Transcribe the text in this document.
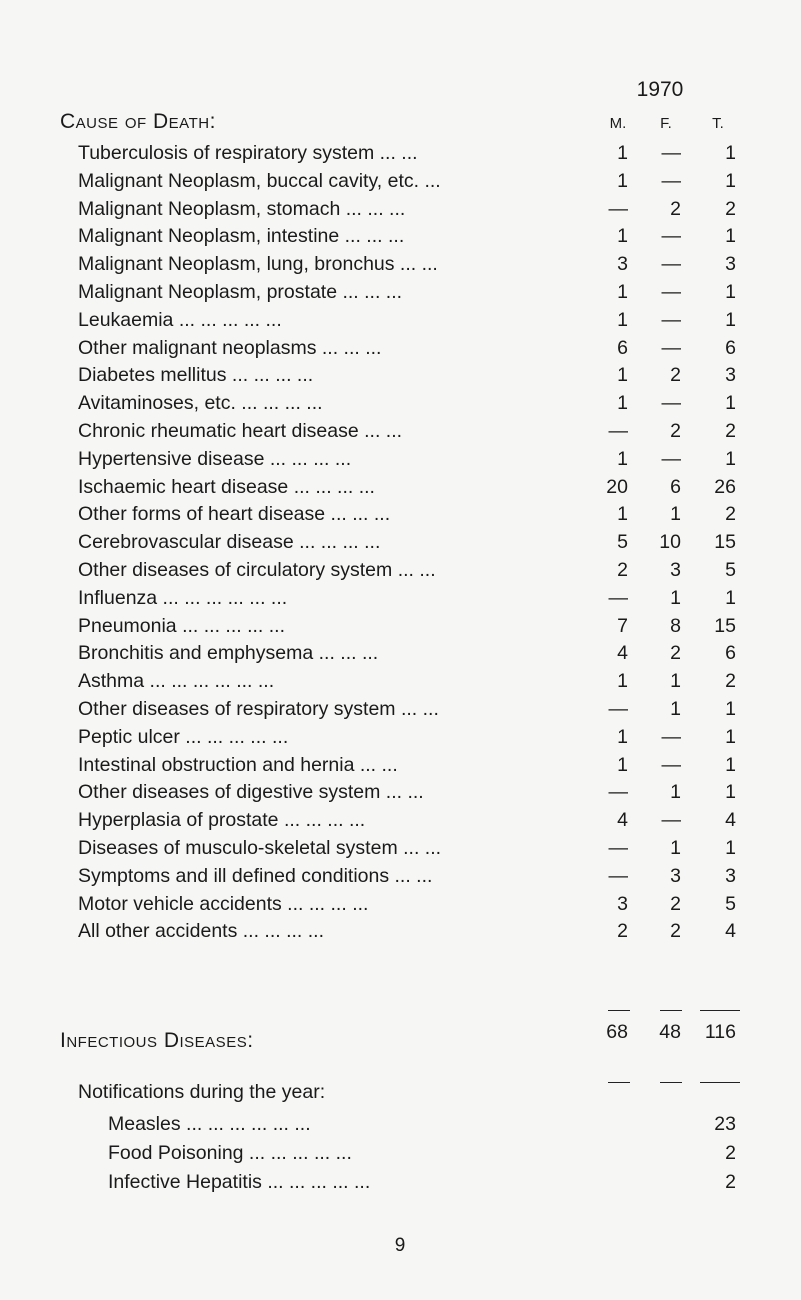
1970
Cause of Death:	M.	F.	T.
Tuberculosis of respiratory system ... ...	1	—	1
Malignant Neoplasm, buccal cavity, etc. ...	1	—	1
Malignant Neoplasm, stomach ... ... ...	—	2	2
Malignant Neoplasm, intestine ... ... ...	1	—	1
Malignant Neoplasm, lung, bronchus ... ...	3	—	3
Malignant Neoplasm, prostate ... ... ...	1	—	1
Leukaemia ... ... ... ... ...	1	—	1
Other malignant neoplasms ... ... ...	6	—	6
Diabetes mellitus ... ... ... ...	1	2	3
Avitaminoses, etc. ... ... ... ...	1	—	1
Chronic rheumatic heart disease ... ...	—	2	2
Hypertensive disease ... ... ... ...	1	—	1
Ischaemic heart disease ... ... ... ...	20	6	26
Other forms of heart disease ... ... ...	1	1	2
Cerebrovascular disease ... ... ... ...	5	10	15
Other diseases of circulatory system ... ...	2	3	5
Influenza ... ... ... ... ... ...	—	1	1
Pneumonia ... ... ... ... ...	7	8	15
Bronchitis and emphysema ... ... ...	4	2	6
Asthma ... ... ... ... ... ...	1	1	2
Other diseases of respiratory system ... ...	—	1	1
Peptic ulcer ... ... ... ... ...	1	—	1
Intestinal obstruction and hernia ... ...	1	—	1
Other diseases of digestive system ... ...	—	1	1
Hyperplasia of prostate ... ... ... ...	4	—	4
Diseases of musculo-skeletal system ... ...	—	1	1
Symptoms and ill defined conditions ... ...	—	3	3
Motor vehicle accidents ... ... ... ...	3	2	5
All other accidents ... ... ... ...	2	2	4
68	48	116
Infectious Diseases:
Notifications during the year:
Measles ... ... ... ... ... ...	23
Food Poisoning ... ... ... ... ...	2
Infective Hepatitis ... ... ... ... ...	2
9
